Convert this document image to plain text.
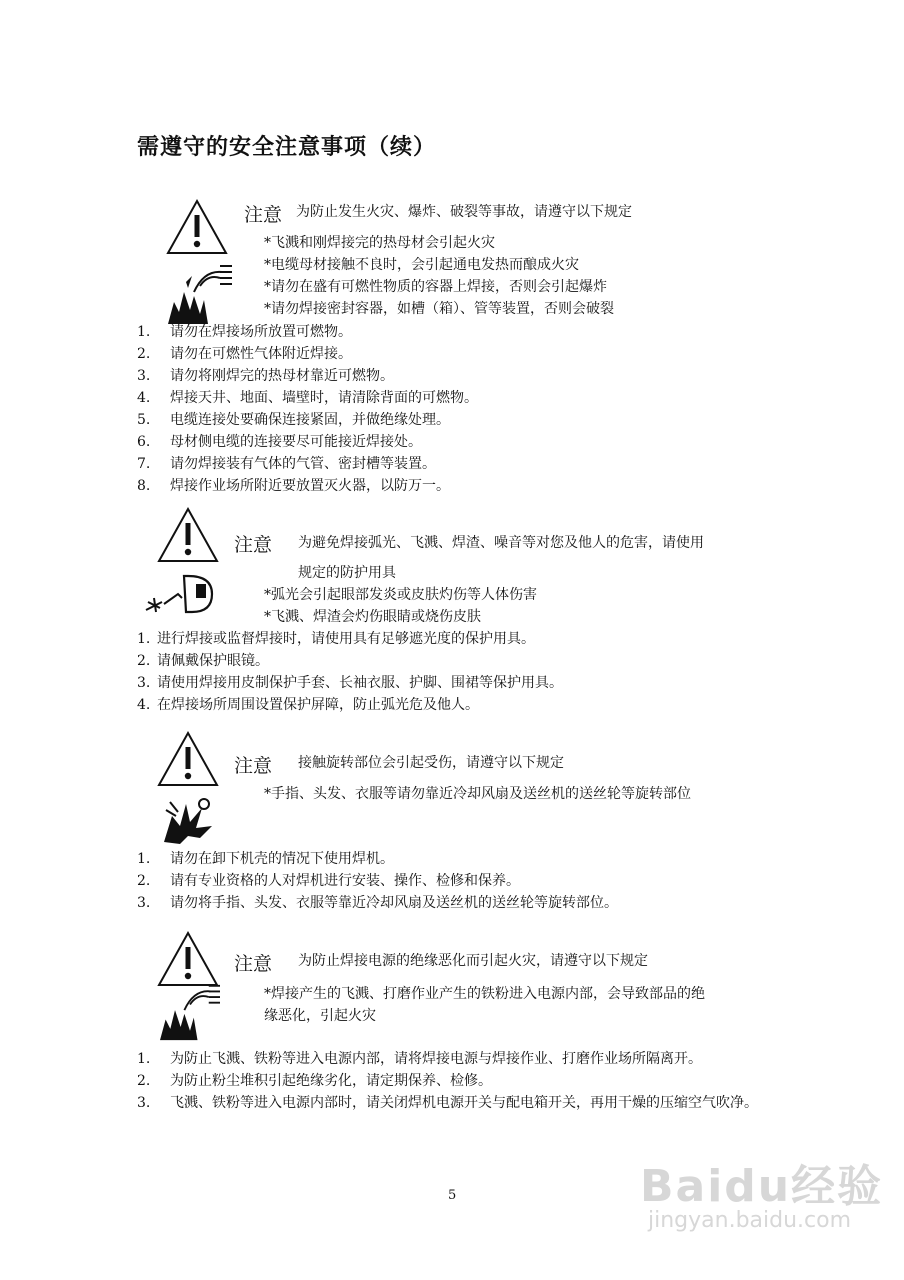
需遵守的安全注意事项（续）
注意 为防止发生火灾、爆炸、破裂等事故，请遵守以下规定
*飞溅和刚焊接完的热母材会引起火灾
*电缆母材接触不良时，会引起通电发热而酿成火灾
*请勿在盛有可燃性物质的容器上焊接，否则会引起爆炸
*请勿焊接密封容器，如槽（箱）、管等装置，否则会破裂
1. 请勿在焊接场所放置可燃物。
2. 请勿在可燃性气体附近焊接。
3. 请勿将刚焊完的热母材靠近可燃物。
4. 焊接天井、地面、墙壁时，请清除背面的可燃物。
5. 电缆连接处要确保连接紧固，并做绝缘处理。
6. 母材侧电缆的连接要尽可能接近焊接处。
7. 请勿焊接装有气体的气管、密封槽等装置。
8. 焊接作业场所附近要放置灭火器，以防万一。
注意 为避免焊接弧光、飞溅、焊渣、噪音等对您及他人的危害，请使用
规定的防护用具
*弧光会引起眼部发炎或皮肤灼伤等人体伤害
*飞溅、焊渣会灼伤眼睛或烧伤皮肤
1. 进行焊接或监督焊接时，请使用具有足够遮光度的保护用具。
2. 请佩戴保护眼镜。
3. 请使用焊接用皮制保护手套、长袖衣服、护脚、围裙等保护用具。
4. 在焊接场所周围设置保护屏障，防止弧光危及他人。
注意 接触旋转部位会引起受伤，请遵守以下规定
*手指、头发、衣服等请勿靠近冷却风扇及送丝机的送丝轮等旋转部位
1. 请勿在卸下机壳的情况下使用焊机。
2. 请有专业资格的人对焊机进行安装、操作、检修和保养。
3. 请勿将手指、头发、衣服等靠近冷却风扇及送丝机的送丝轮等旋转部位。
注意 为防止焊接电源的绝缘恶化而引起火灾，请遵守以下规定
*焊接产生的飞溅、打磨作业产生的铁粉进入电源内部，会导致部品的绝
缘恶化，引起火灾
1. 为防止飞溅、铁粉等进入电源内部，请将焊接电源与焊接作业、打磨作业场所隔离开。
2. 为防止粉尘堆积引起绝缘劣化，请定期保养、检修。
3. 飞溅、铁粉等进入电源内部时，请关闭焊机电源开关与配电箱开关，再用干燥的压缩空气吹净。
5	Baidu经验
jingyan.baidu.com
